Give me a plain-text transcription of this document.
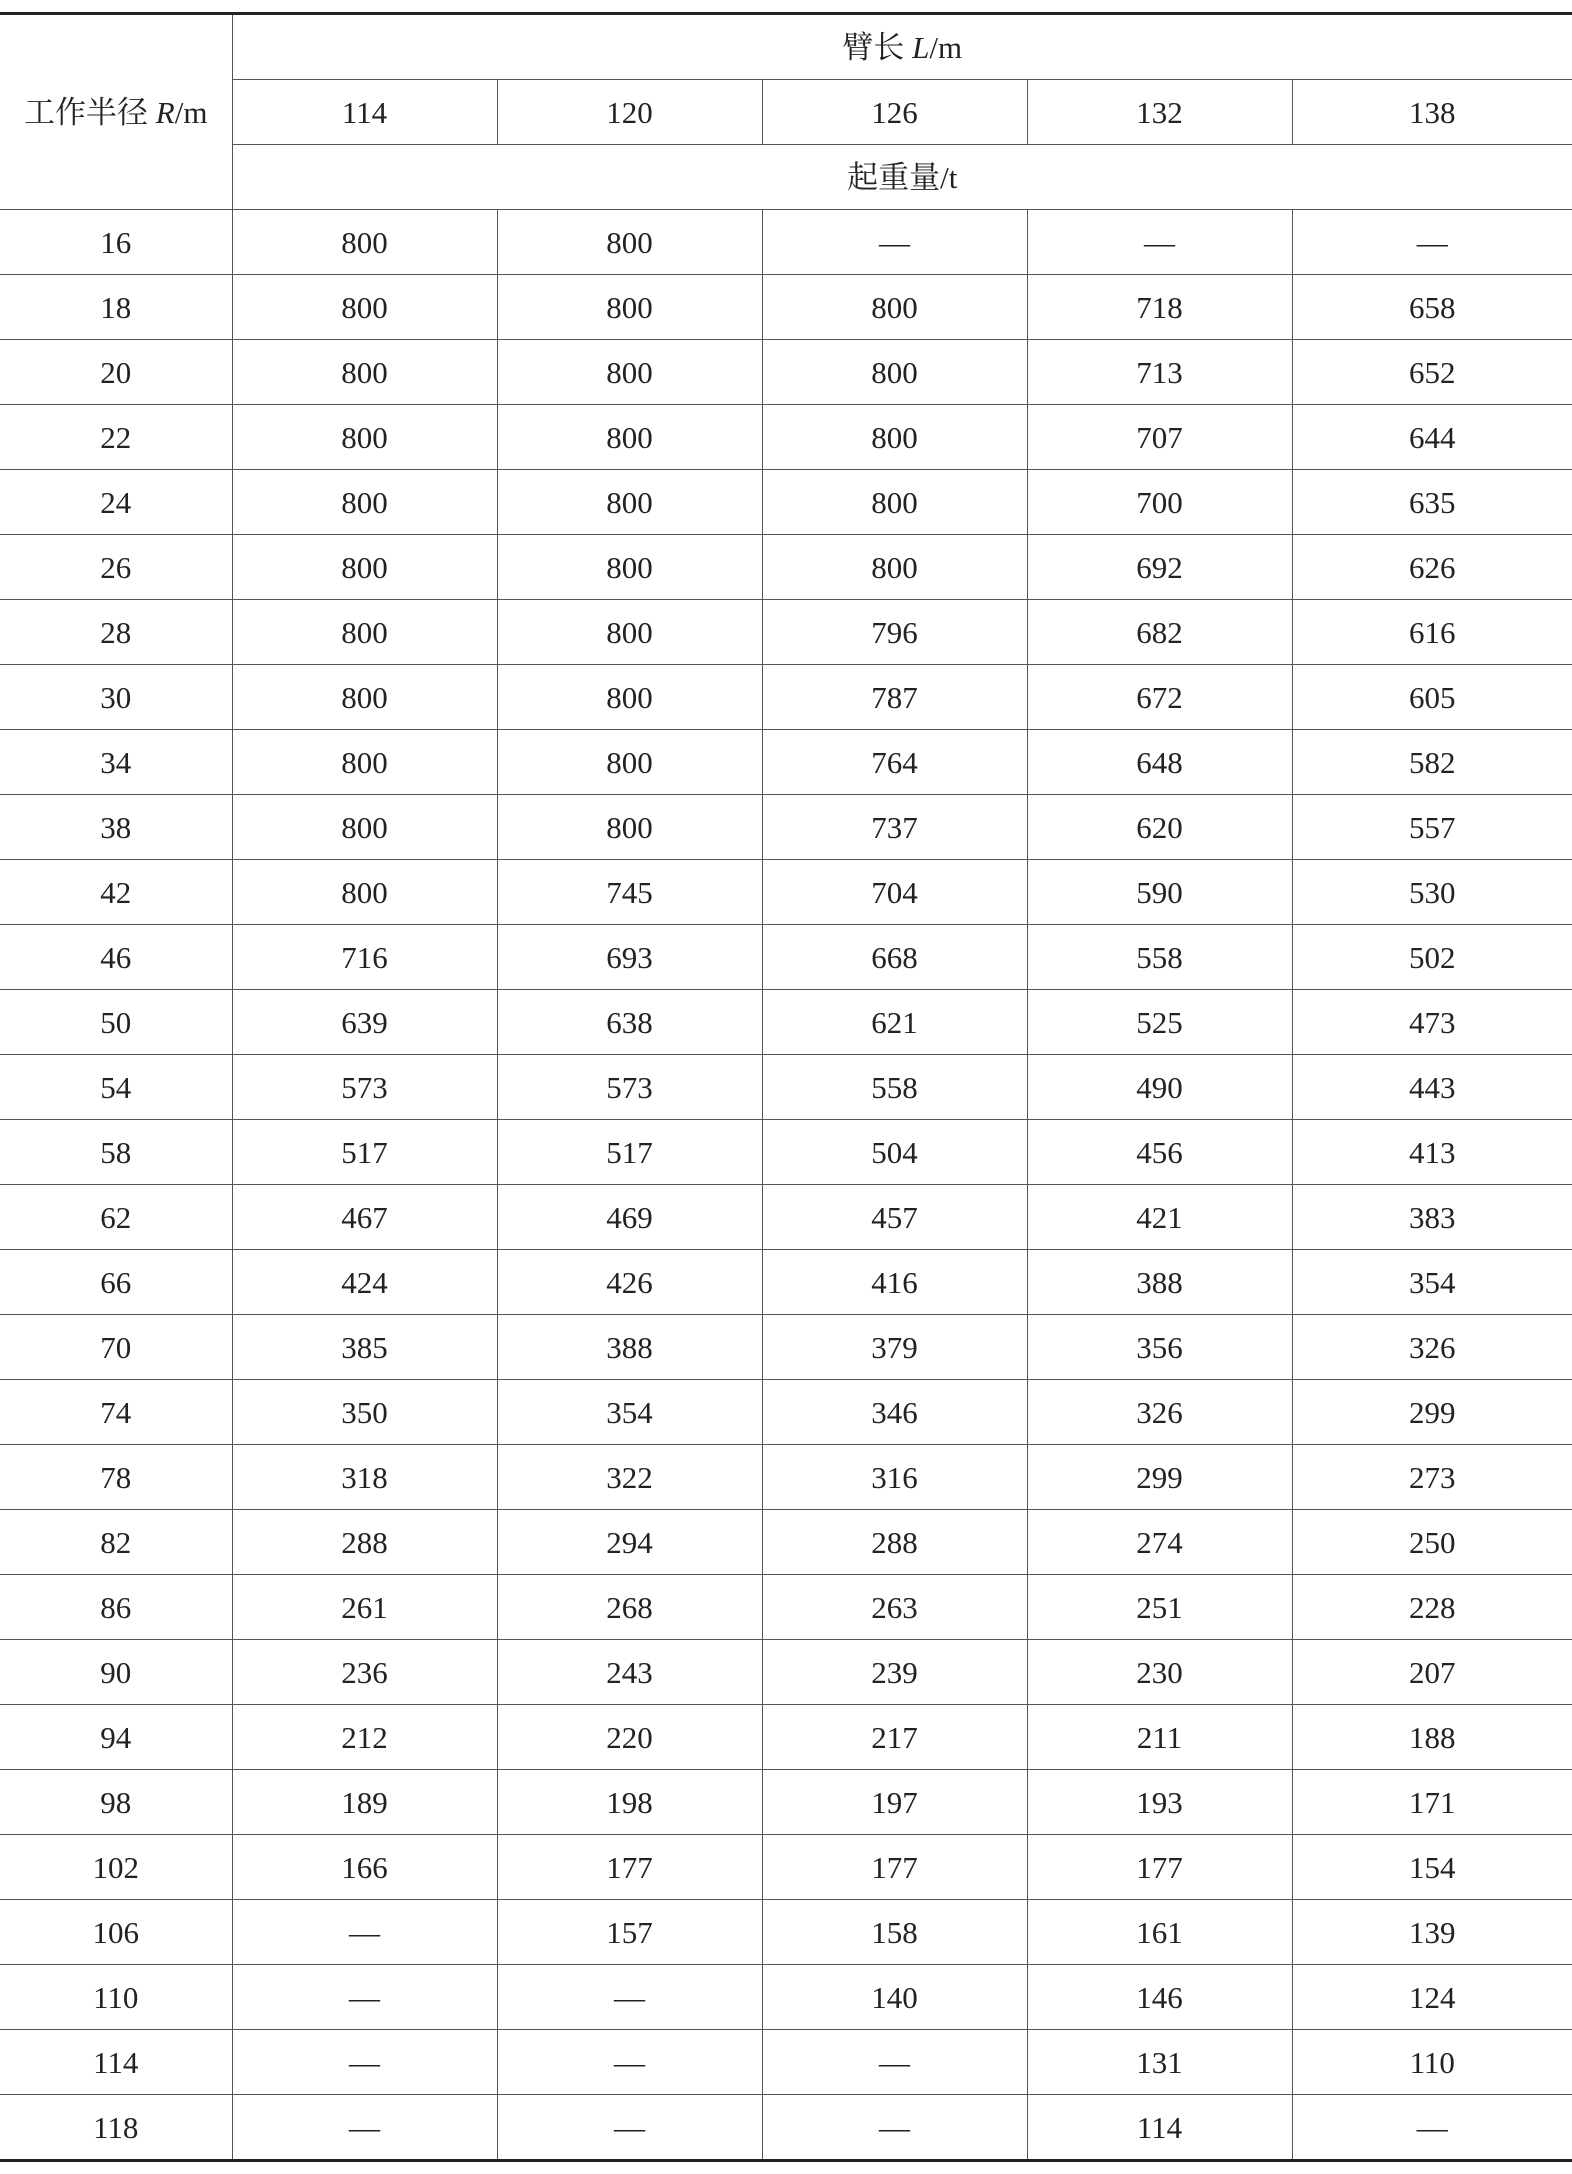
工作半径 R/m	臂长 L/m				
	114	120	126	132	138
	起重量/t				
16	800	800	—	—	—
18	800	800	800	718	658
20	800	800	800	713	652
22	800	800	800	707	644
24	800	800	800	700	635
26	800	800	800	692	626
28	800	800	796	682	616
30	800	800	787	672	605
34	800	800	764	648	582
38	800	800	737	620	557
42	800	745	704	590	530
46	716	693	668	558	502
50	639	638	621	525	473
54	573	573	558	490	443
58	517	517	504	456	413
62	467	469	457	421	383
66	424	426	416	388	354
70	385	388	379	356	326
74	350	354	346	326	299
78	318	322	316	299	273
82	288	294	288	274	250
86	261	268	263	251	228
90	236	243	239	230	207
94	212	220	217	211	188
98	189	198	197	193	171
102	166	177	177	177	154
106	—	157	158	161	139
110	—	—	140	146	124
114	—	—	—	131	110
118	—	—	—	114	—
